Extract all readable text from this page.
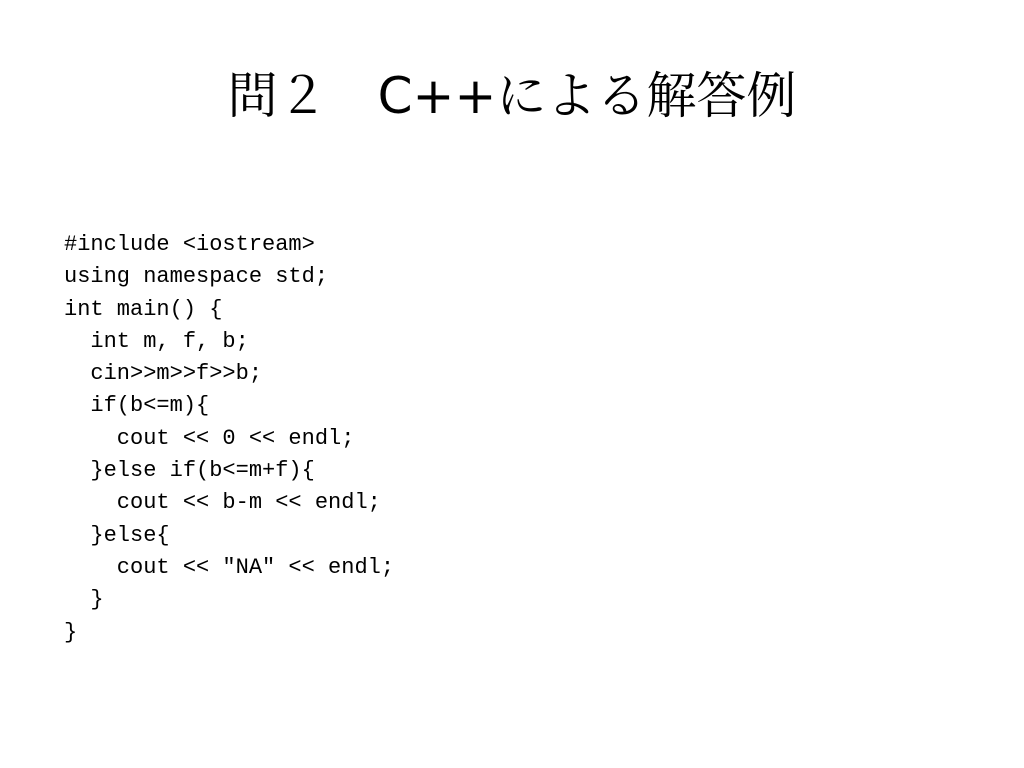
問２　C++による解答例
#include <iostream>
using namespace std;
int main() {
int m, f, b;
cin>>m>>f>>b;
if(b<=m){
cout << 0 << endl;
}else if(b<=m+f){
cout << b-m << endl;
}else{
cout << "NA" << endl;
}
}
